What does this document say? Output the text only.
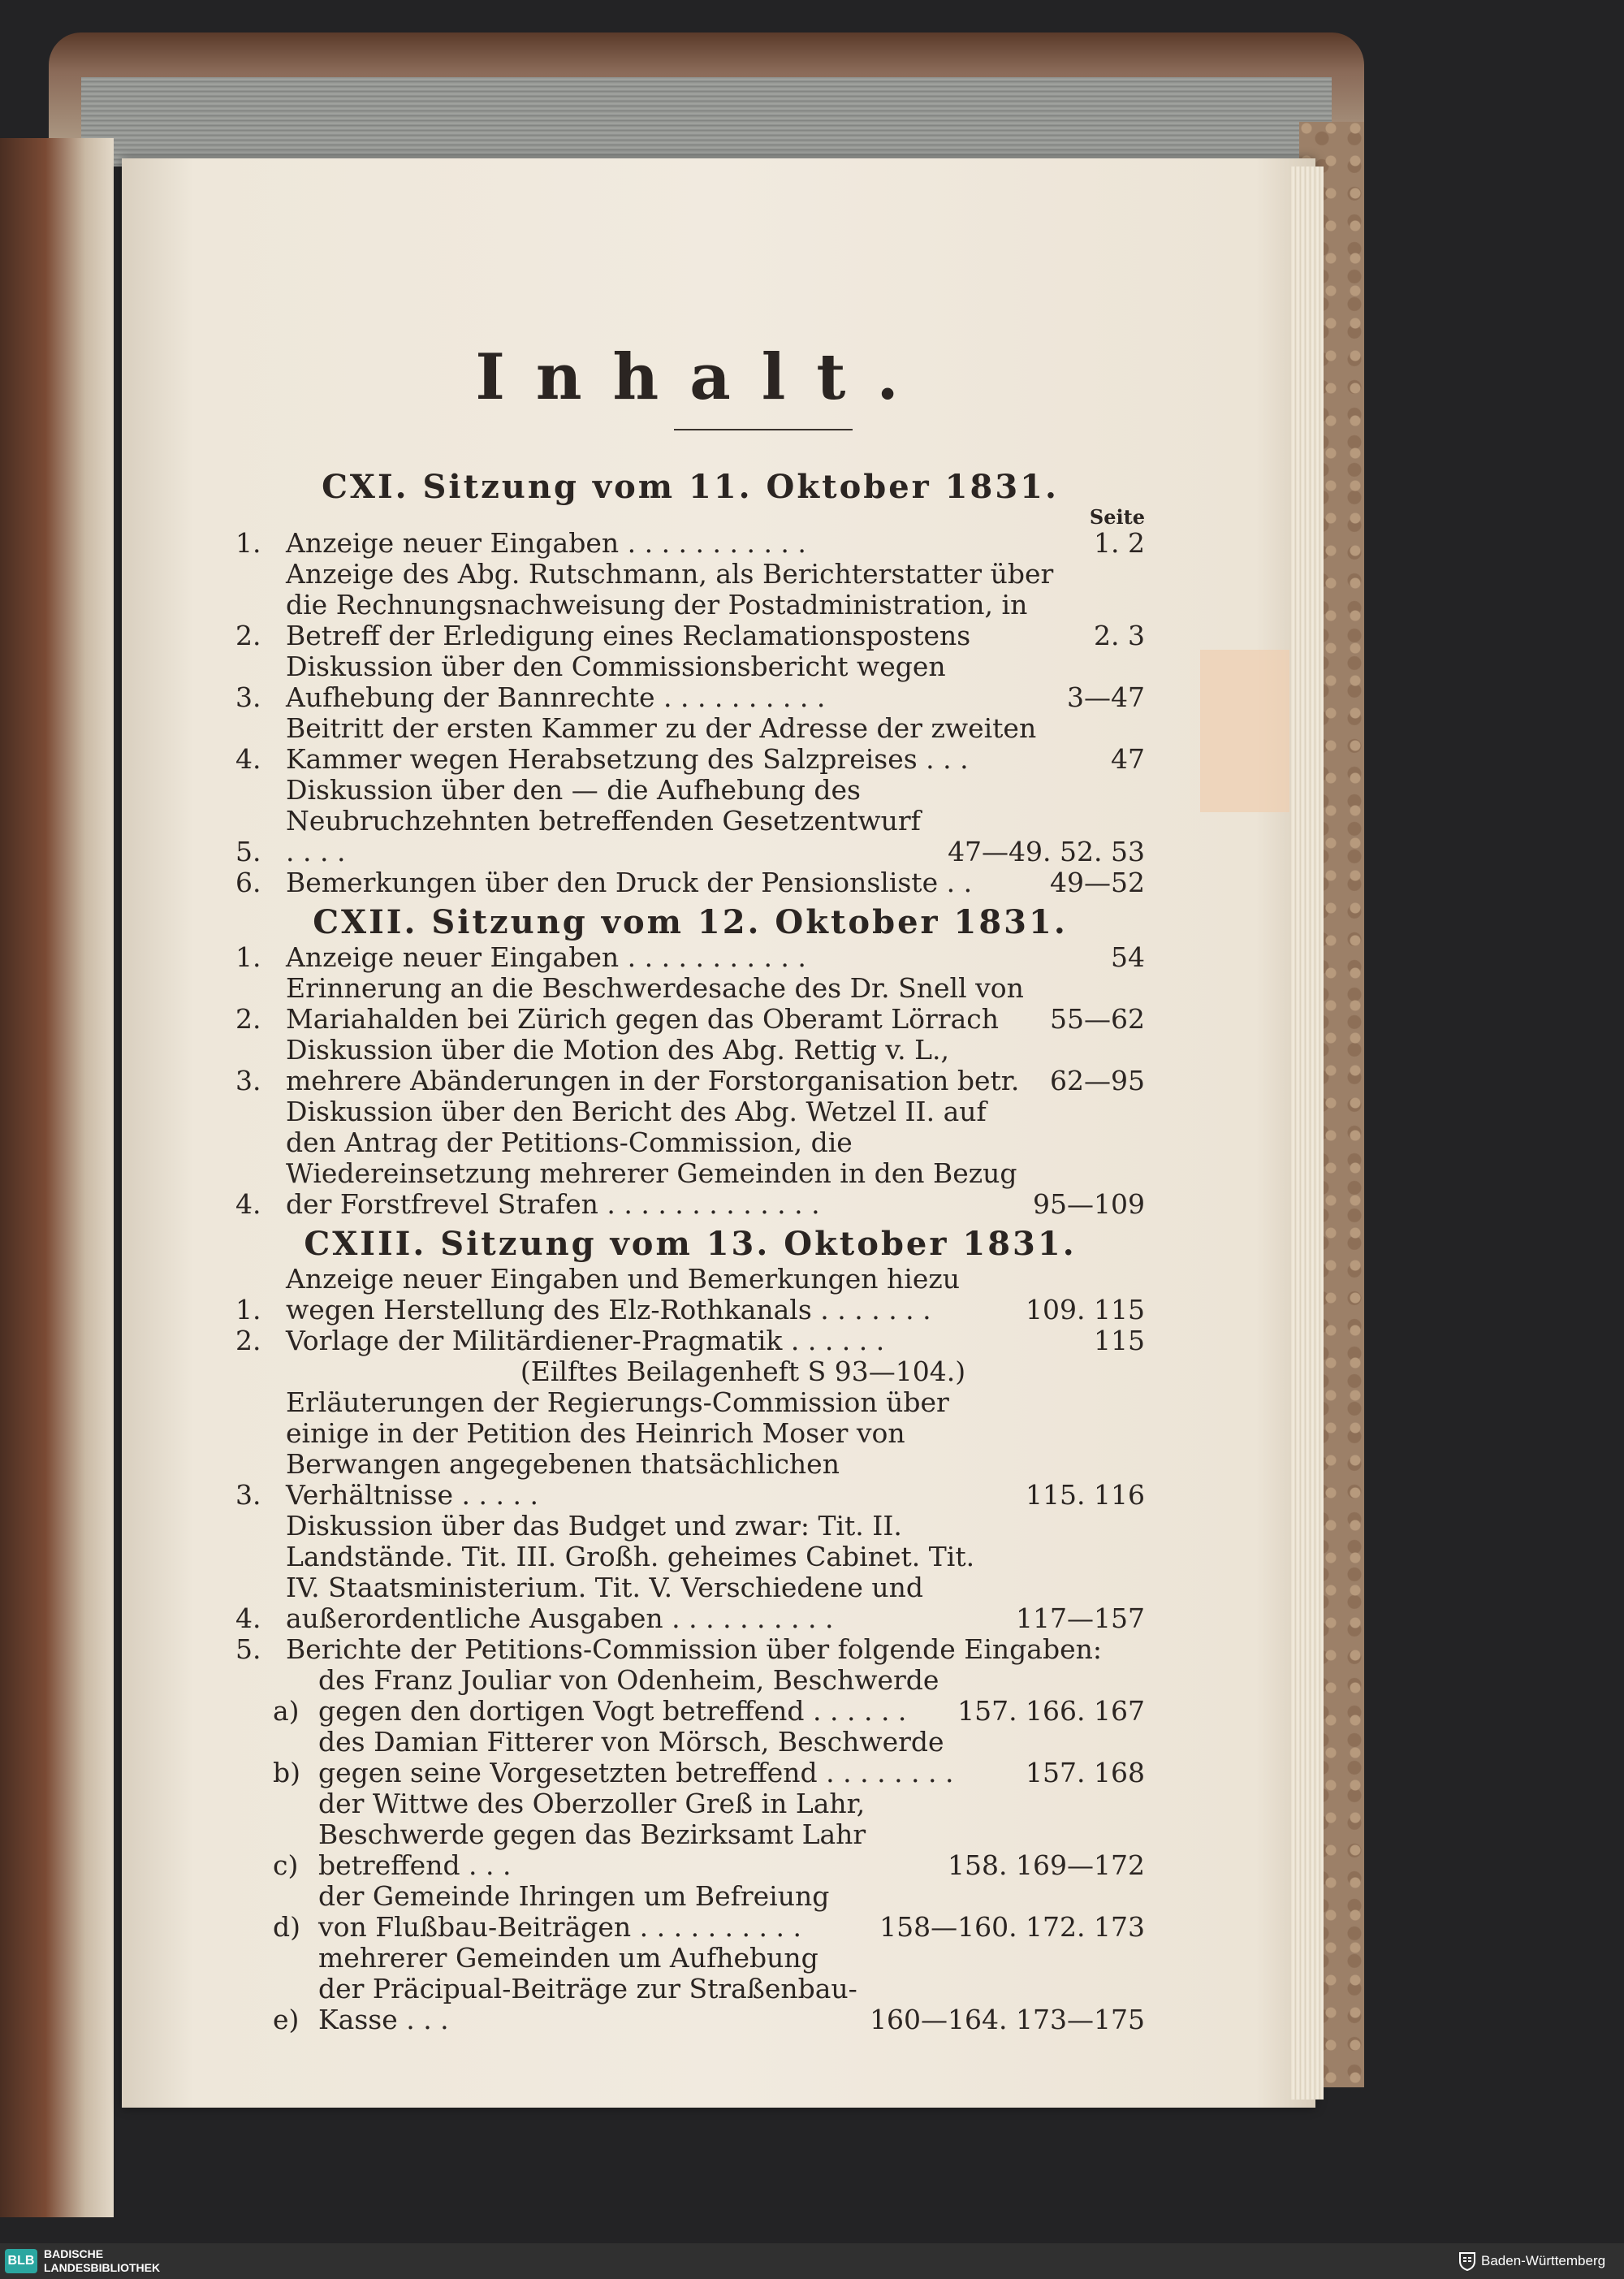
Inhalt.
CXI. Sitzung vom 11. Oktober 1831.
Seite
1. Anzeige neuer Eingaben . . . . . . . . . . .	1. 2
2.
Anzeige des Abg. Rutschmann, als Berichterstatter über die Rechnungsnachweisung der Postadministration, in Betreff der Erledigung eines Reclamationspostens	2. 3
3.
Diskussion über den Commissionsbericht wegen Aufhebung der Bannrechte . . . . . . . . . .	3—47
4.
Beitritt der ersten Kammer zu der Adresse der zweiten Kammer wegen Herabsetzung des Salzpreises . . .	47
5.
Diskussion über den — die Aufhebung des Neubruchzehnten betreffenden Gesetzentwurf . . . .	47—49. 52. 53
6. Bemerkungen über den Druck der Pensionsliste . .	49—52
CXII. Sitzung vom 12. Oktober 1831.
1. Anzeige neuer Eingaben . . . . . . . . . . .	54
2.
Erinnerung an die Beschwerdesache des Dr. Snell von Mariahalden bei Zürich gegen das Oberamt Lörrach	55—62
3.
Diskussion über die Motion des Abg. Rettig v. L., mehrere Abänderungen in der Forstorganisation betr.	62—95
4.
Diskussion über den Bericht des Abg. Wetzel II. auf den Antrag der Petitions-Commission, die Wiedereinsetzung mehrerer Gemeinden in den Bezug der Forstfrevel Strafen . . . . . . . . . . . . .	95—109
CXIII. Sitzung vom 13. Oktober 1831.
1.
Anzeige neuer Eingaben und Bemerkungen hiezu wegen Herstellung des Elz-Rothkanals . . . . . . .	109. 115
2. Vorlage der Militärdiener-Pragmatik . . . . . .	115
(Eilftes Beilagenheft S 93—104.)
3.
Erläuterungen der Regierungs-Commission über einige in der Petition des Heinrich Moser von Berwangen angegebenen thatsächlichen Verhältnisse . . . . .	115. 116
4.
Diskussion über das Budget und zwar: Tit. II. Landstände. Tit. III. Großh. geheimes Cabinet. Tit. IV. Staatsministerium. Tit. V. Verschiedene und außerordentliche Ausgaben . . . . . . . . . .	117—157
5. Berichte der Petitions-Commission über folgende Eingaben:
a)
des Franz Jouliar von Odenheim, Beschwerde gegen den dortigen Vogt betreffend . . . . . .	157. 166. 167
b)
des Damian Fitterer von Mörsch, Beschwerde gegen seine Vorgesetzten betreffend . . . . . . . .	157. 168
c)
der Wittwe des Oberzoller Greß in Lahr, Beschwerde gegen das Bezirksamt Lahr betreffend . . .	158. 169—172
d)
der Gemeinde Ihringen um Befreiung von Flußbau-Beiträgen . . . . . . . . . .	158—160. 172. 173
e)
mehrerer Gemeinden um Aufhebung der Präcipual-Beiträge zur Straßenbau-Kasse . . .	160—164. 173—175
BLB BADISCHE
LANDESBIBLIOTHEK	Baden-Württemberg
